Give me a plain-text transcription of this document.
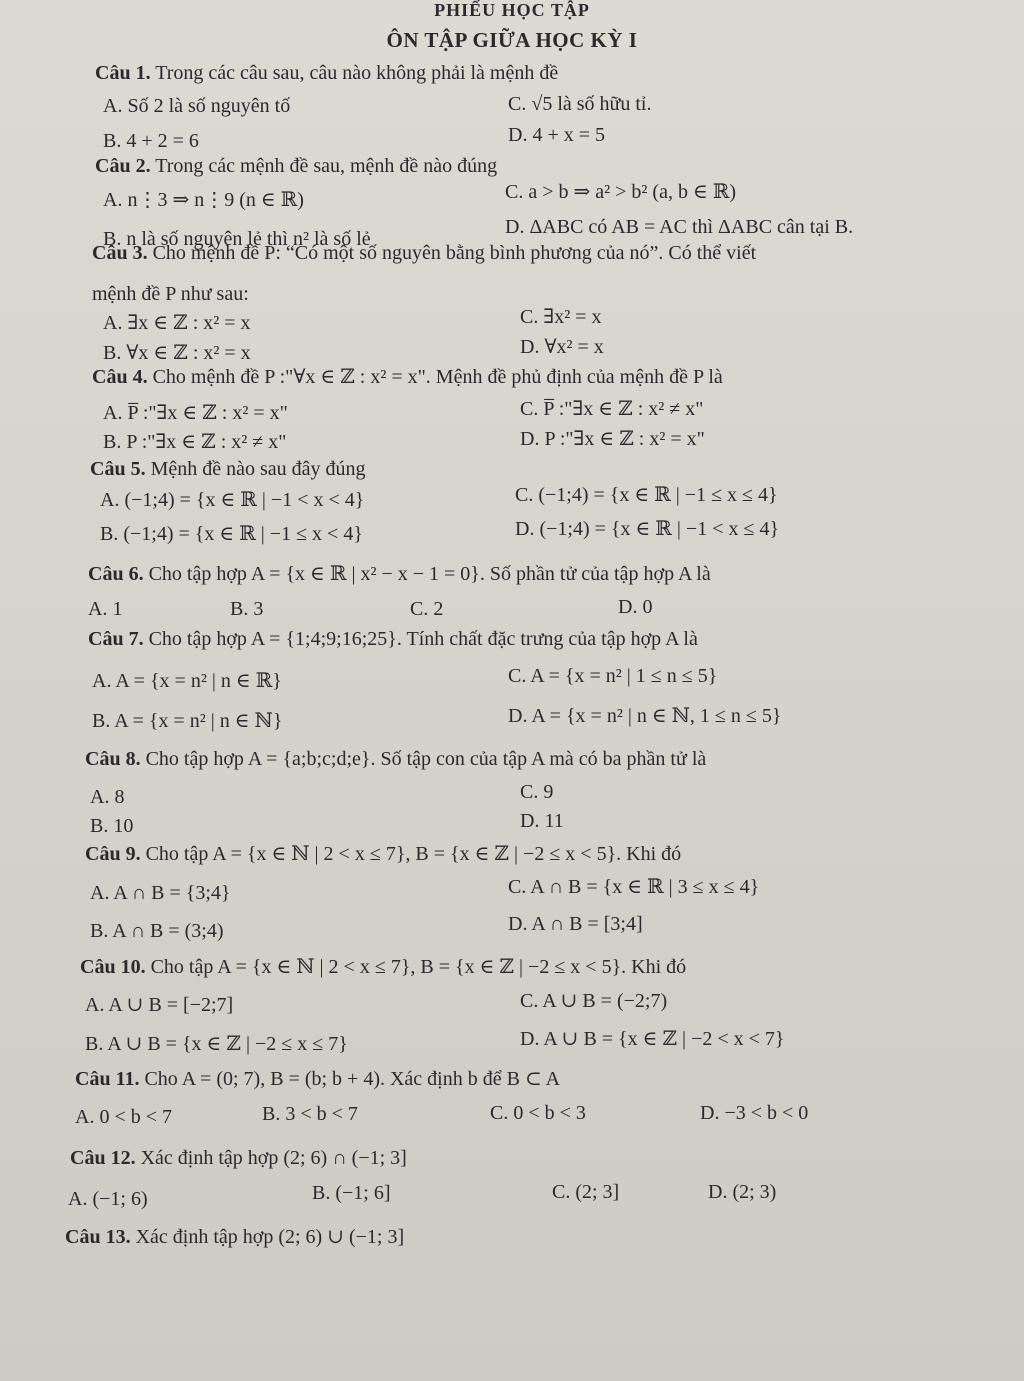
PHIẾU HỌC TẬP
ÔN TẬP GIỮA HỌC KỲ I
Câu 1. Trong các câu sau, câu nào không phải là mệnh đề
A. Số 2 là số nguyên tố	C. √5 là số hữu tỉ.
B. 4 + 2 = 6	D. 4 + x = 5
Câu 2. Trong các mệnh đề sau, mệnh đề nào đúng
A. n⋮3 ⇒ n⋮9 (n ∈ ℝ)	C. a > b ⇒ a² > b² (a, b ∈ ℝ)
B. n là số nguyên lẻ thì n² là số lẻ
D. ΔABC có AB = AC thì ΔABC cân tại B.
Câu 3. Cho mệnh đề P: “Có một số nguyên bằng bình phương của nó”. Có thể viết
mệnh đề P như sau:
A. ∃x ∈ ℤ : x² = x	C. ∃x² = x
B. ∀x ∈ ℤ : x² = x	D. ∀x² = x
Câu 4. Cho mệnh đề P :"∀x ∈ ℤ : x² = x". Mệnh đề phủ định của mệnh đề P là
A. P̅ :"∃x ∈ ℤ : x² = x"	C. P̅ :"∃x ∈ ℤ : x² ≠ x"
B. P :"∃x ∈ ℤ : x² ≠ x"	D. P :"∃x ∈ ℤ : x² = x"
Câu 5. Mệnh đề nào sau đây đúng
A. (−1;4) = {x ∈ ℝ | −1 < x < 4}	C. (−1;4) = {x ∈ ℝ | −1 ≤ x ≤ 4}
B. (−1;4) = {x ∈ ℝ | −1 ≤ x < 4}	D. (−1;4) = {x ∈ ℝ | −1 < x ≤ 4}
Câu 6. Cho tập hợp A = {x ∈ ℝ | x² − x − 1 = 0}. Số phần tử của tập hợp A là
A. 1	B. 3	C. 2	D. 0
Câu 7. Cho tập hợp A = {1;4;9;16;25}. Tính chất đặc trưng của tập hợp A là
A. A = {x = n² | n ∈ ℝ}	C. A = {x = n² | 1 ≤ n ≤ 5}
B. A = {x = n² | n ∈ ℕ}	D. A = {x = n² | n ∈ ℕ, 1 ≤ n ≤ 5}
Câu 8. Cho tập hợp A = {a;b;c;d;e}. Số tập con của tập A mà có ba phần tử là
A. 8	C. 9
B. 10	D. 11
Câu 9. Cho tập A = {x ∈ ℕ | 2 < x ≤ 7}, B = {x ∈ ℤ | −2 ≤ x < 5}. Khi đó
A. A ∩ B = {3;4}	C. A ∩ B = {x ∈ ℝ | 3 ≤ x ≤ 4}
B. A ∩ B = (3;4)	D. A ∩ B = [3;4]
Câu 10. Cho tập A = {x ∈ ℕ | 2 < x ≤ 7}, B = {x ∈ ℤ | −2 ≤ x < 5}. Khi đó
A. A ∪ B = [−2;7]	C. A ∪ B = (−2;7)
B. A ∪ B = {x ∈ ℤ | −2 ≤ x ≤ 7}	D. A ∪ B = {x ∈ ℤ | −2 < x < 7}
Câu 11. Cho A = (0; 7), B = (b; b + 4). Xác định b để B ⊂ A
A. 0 < b < 7	B. 3 < b < 7	C. 0 < b < 3	D. −3 < b < 0
Câu 12. Xác định tập hợp (2; 6) ∩ (−1; 3]
A. (−1; 6)	B. (−1; 6]	C. (2; 3]	D. (2; 3)
Câu 13. Xác định tập hợp (2; 6) ∪ (−1; 3]
